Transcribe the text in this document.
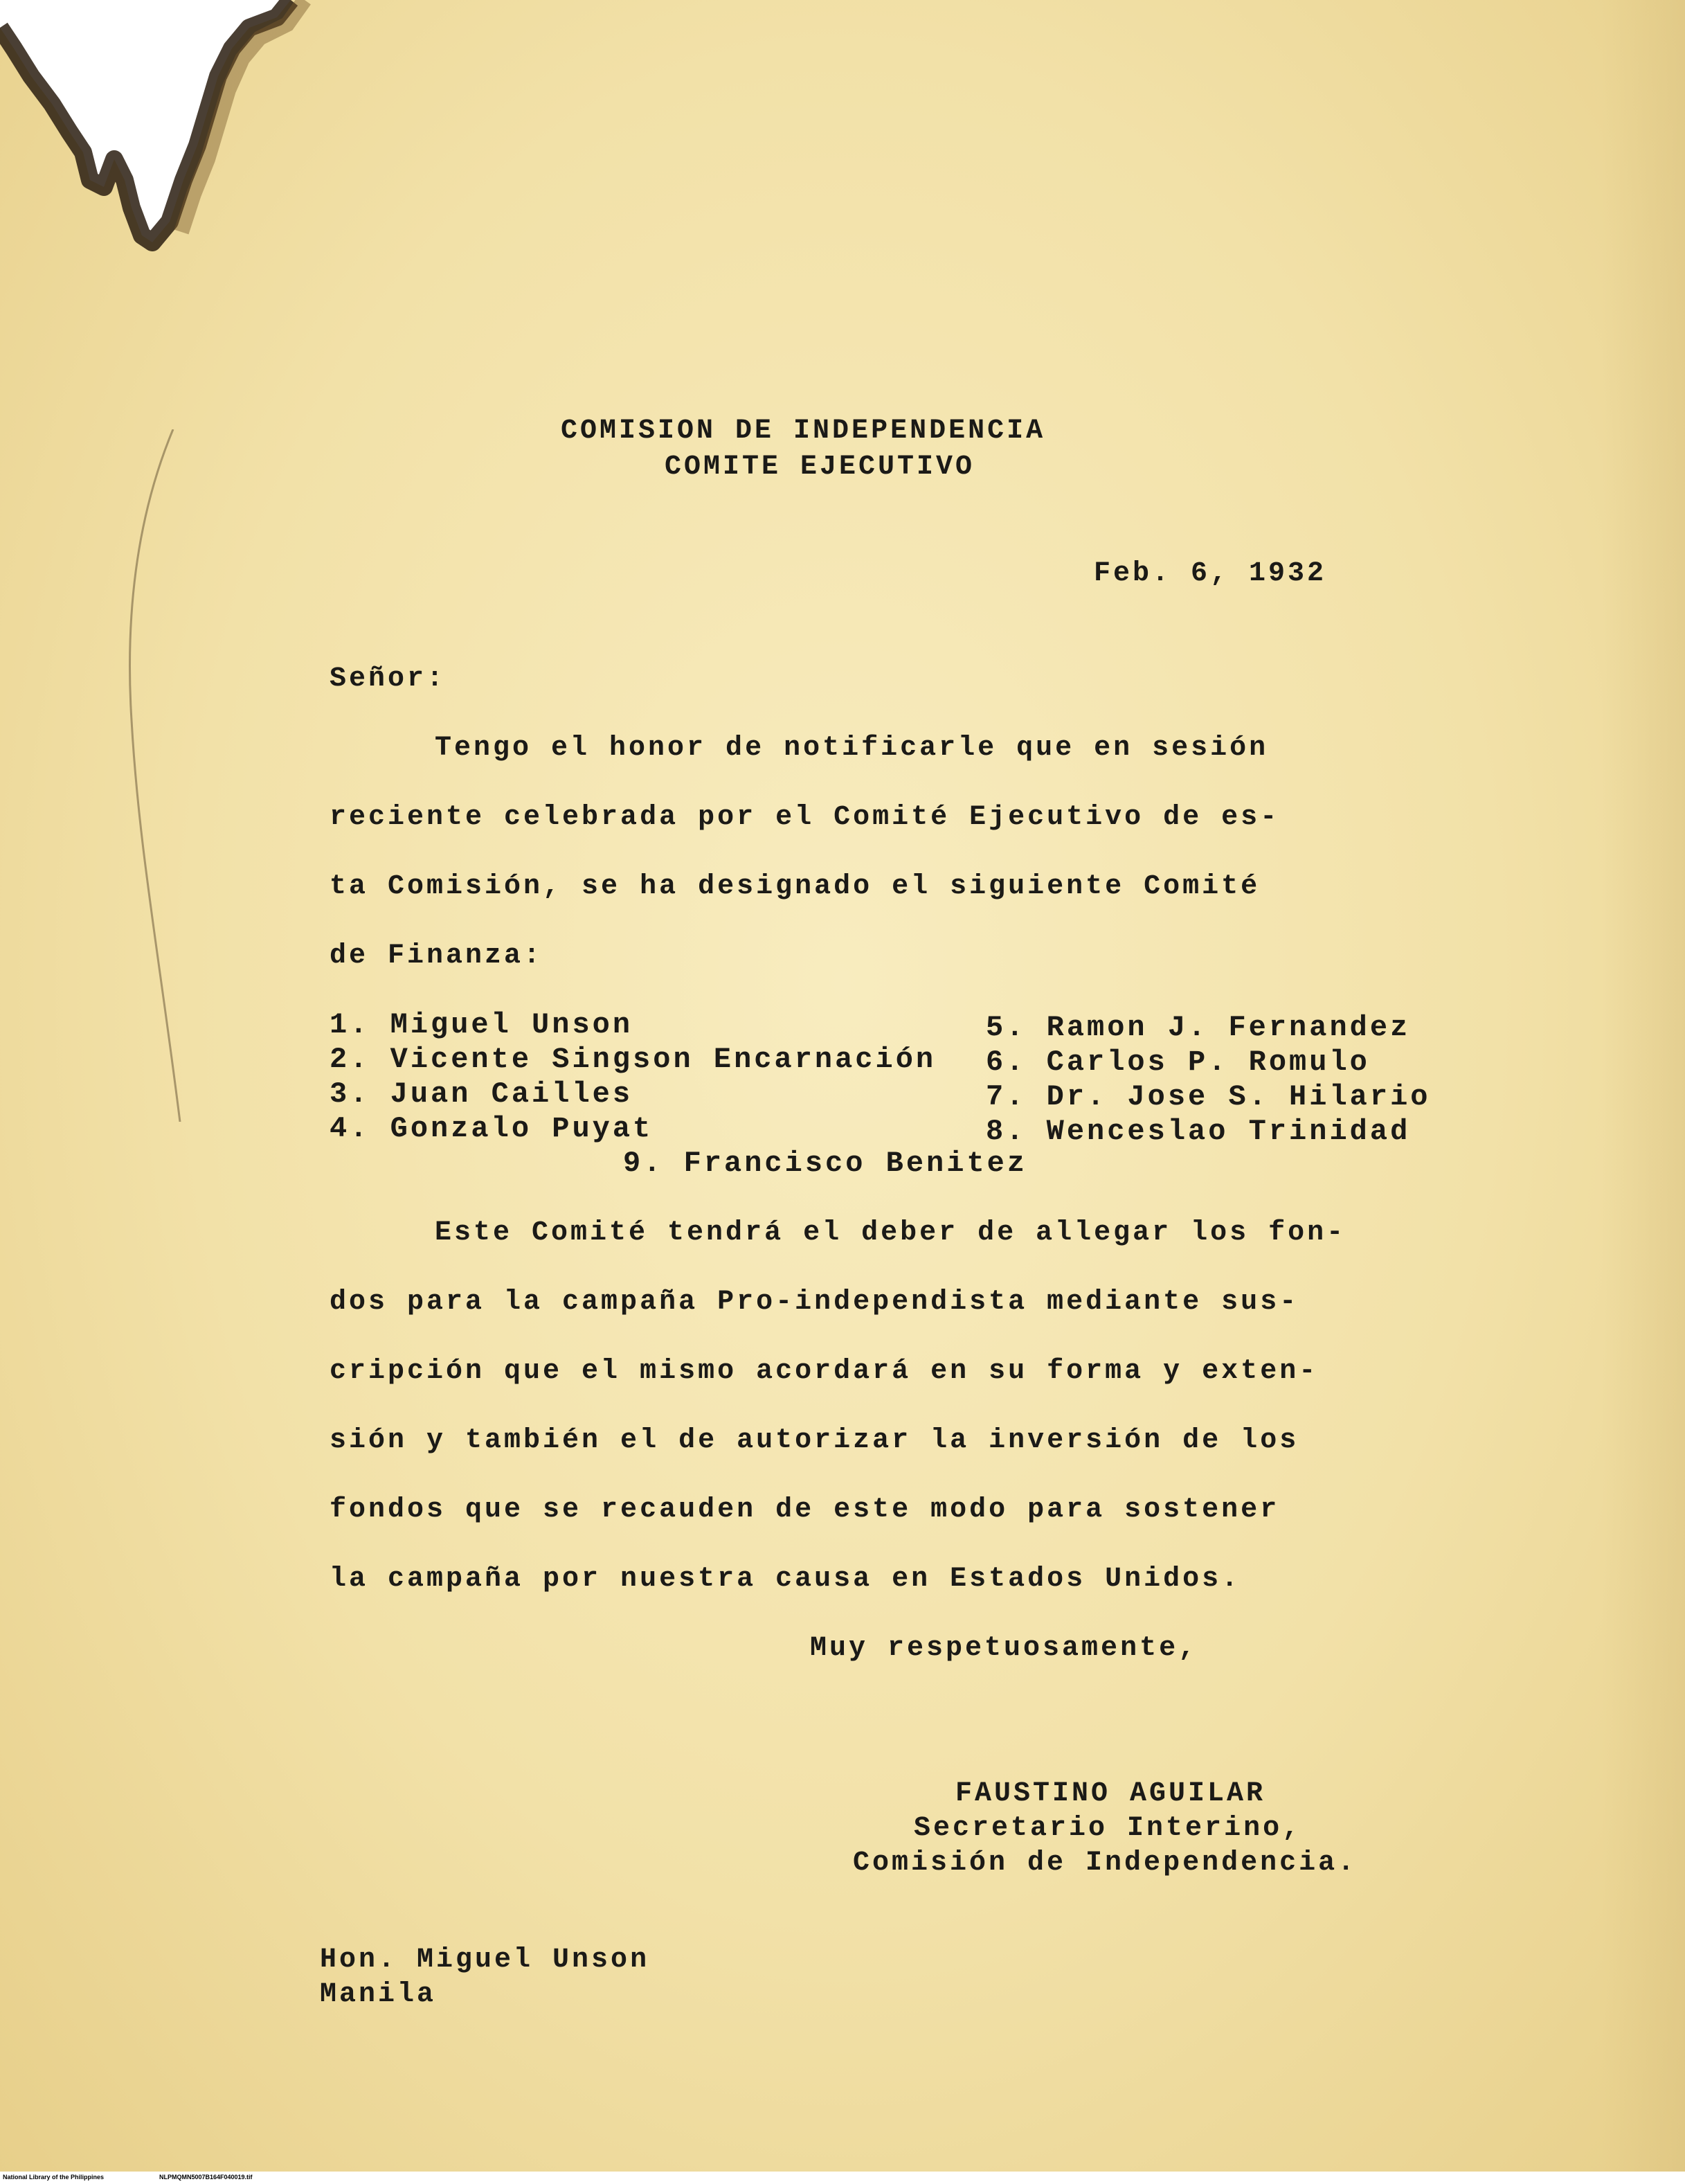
COMISION DE INDEPENDENCIA
COMITE EJECUTIVO
Feb. 6, 1932
Señor:
Tengo el honor de notificarle que en sesión
reciente celebrada por el Comité Ejecutivo de es-
ta Comisión, se ha designado el siguiente Comité
de Finanza:
1. Miguel Unson
2. Vicente Singson Encarnación
3. Juan Cailles
4. Gonzalo Puyat
5. Ramon J. Fernandez
6. Carlos P. Romulo
7. Dr. Jose S. Hilario
8. Wenceslao Trinidad
9. Francisco Benitez
Este Comité tendrá el deber de allegar los fon-
dos para la campaña Pro-independista mediante sus-
cripción que el mismo acordará en su forma y exten-
sión y también el de autorizar la inversión de los
fondos que se recauden de este modo para sostener
la campaña por nuestra causa en Estados Unidos.
Muy respetuosamente,
FAUSTINO AGUILAR
Secretario Interino,
Comisión de Independencia.
Hon. Miguel Unson
Manila

National Library of the Philippines

	NLPMQMN5007B164F040019.tif
